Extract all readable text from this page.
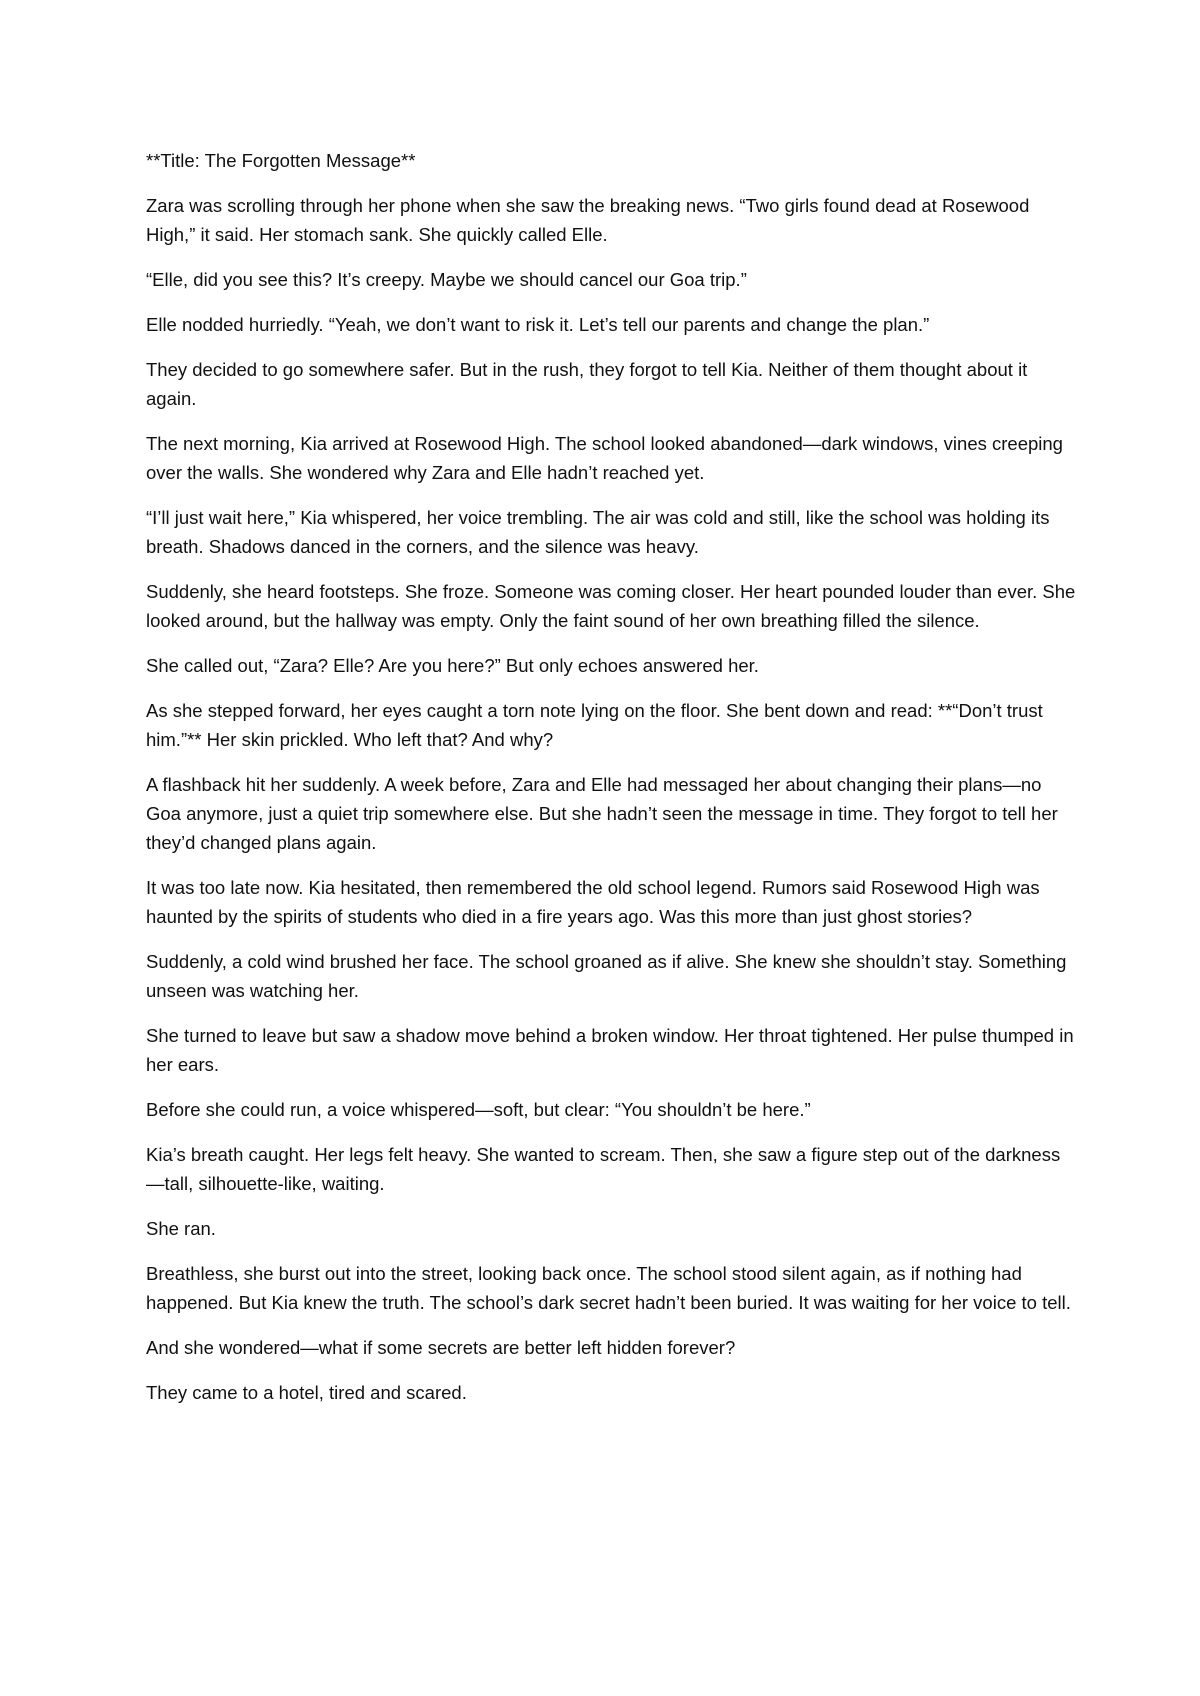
**Title: The Forgotten Message**

Zara was scrolling through her phone when she saw the breaking news. “Two girls found dead at Rosewood High,” it said. Her stomach sank. She quickly called Elle.

“Elle, did you see this? It’s creepy. Maybe we should cancel our Goa trip.”

Elle nodded hurriedly. “Yeah, we don’t want to risk it. Let’s tell our parents and change the plan.”

They decided to go somewhere safer. But in the rush, they forgot to tell Kia. Neither of them thought about it again.

The next morning, Kia arrived at Rosewood High. The school looked abandoned—dark windows, vines creeping over the walls. She wondered why Zara and Elle hadn’t reached yet.

“I’ll just wait here,” Kia whispered, her voice trembling. The air was cold and still, like the school was holding its breath. Shadows danced in the corners, and the silence was heavy.

Suddenly, she heard footsteps. She froze. Someone was coming closer. Her heart pounded louder than ever. She looked around, but the hallway was empty. Only the faint sound of her own breathing filled the silence.

She called out, “Zara? Elle? Are you here?” But only echoes answered her.

As she stepped forward, her eyes caught a torn note lying on the floor. She bent down and read: **“Don’t trust him.”** Her skin prickled. Who left that? And why?

A flashback hit her suddenly. A week before, Zara and Elle had messaged her about changing their plans—no Goa anymore, just a quiet trip somewhere else. But she hadn’t seen the message in time. They forgot to tell her they’d changed plans again.

It was too late now. Kia hesitated, then remembered the old school legend. Rumors said Rosewood High was haunted by the spirits of students who died in a fire years ago. Was this more than just ghost stories?

Suddenly, a cold wind brushed her face. The school groaned as if alive. She knew she shouldn’t stay. Something unseen was watching her.

She turned to leave but saw a shadow move behind a broken window. Her throat tightened. Her pulse thumped in her ears.

Before she could run, a voice whispered—soft, but clear: “You shouldn’t be here.”

Kia’s breath caught. Her legs felt heavy. She wanted to scream. Then, she saw a figure step out of the darkness—tall, silhouette-like, waiting.

She ran.

Breathless, she burst out into the street, looking back once. The school stood silent again, as if nothing had happened. But Kia knew the truth. The school’s dark secret hadn’t been buried. It was waiting for her voice to tell.

And she wondered—what if some secrets are better left hidden forever?

They came to a hotel, tired and scared.
